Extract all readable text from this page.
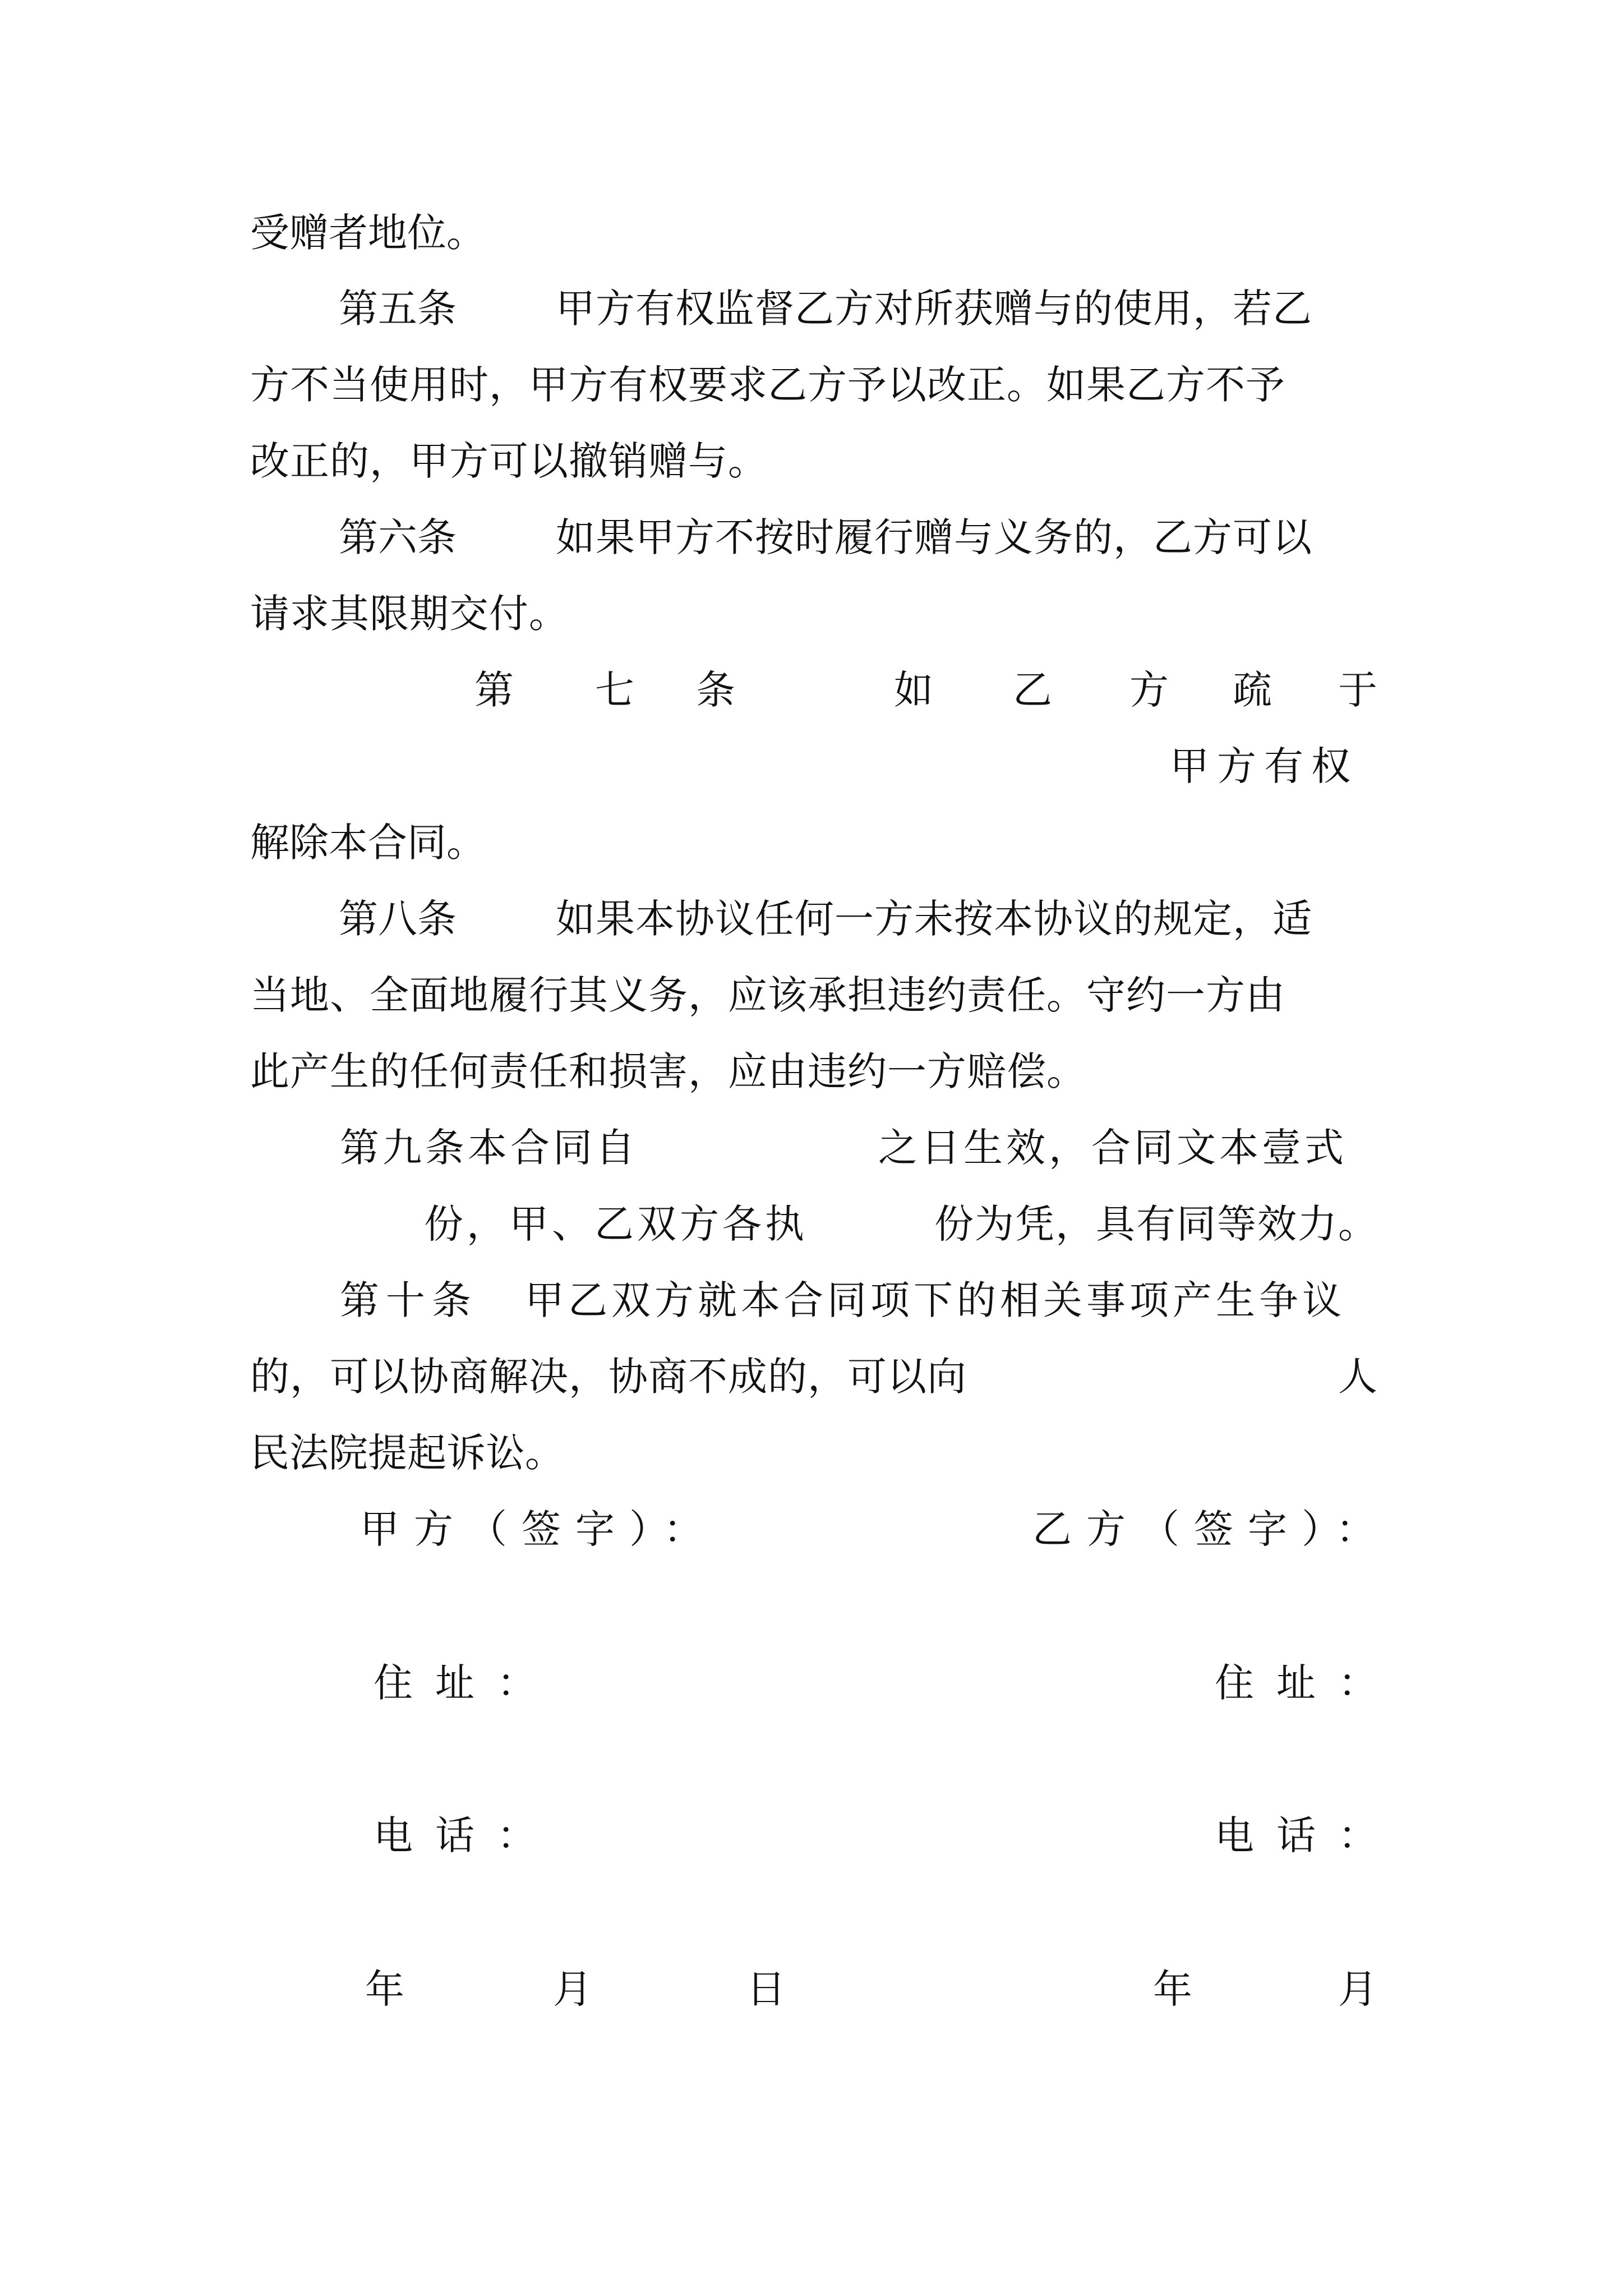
受赠者地位。
第五条	甲方有权监督乙方对所获赠与的使用，若乙
方不当使用时，甲方有权要求乙方予以改正。如果乙方不予
改正的，甲方可以撤销赠与。
第六条	如果甲方不按时履行赠与义务的，乙方可以
请求其限期交付。
第 七 条	如 乙 方 疏 于
甲方有权
解除本合同。
第八条	如果本协议任何一方未按本协议的规定，适
当地、全面地履行其义务，应该承担违约责任。守约一方由
此产生的任何责任和损害，应由违约一方赔偿。
第九条本合同自	之日生效，合同文本壹式
份，甲、乙双方各执	份为凭，具有同等效力。
第十条 甲乙双方就本合同项下的相关事项产生争议
的，可以协商解决，协商不成的，可以向	人
民法院提起诉讼。
甲方（签字）：	乙方（签字）：
住址：	住址：
电话：	电话：
年	月	日	年	月
